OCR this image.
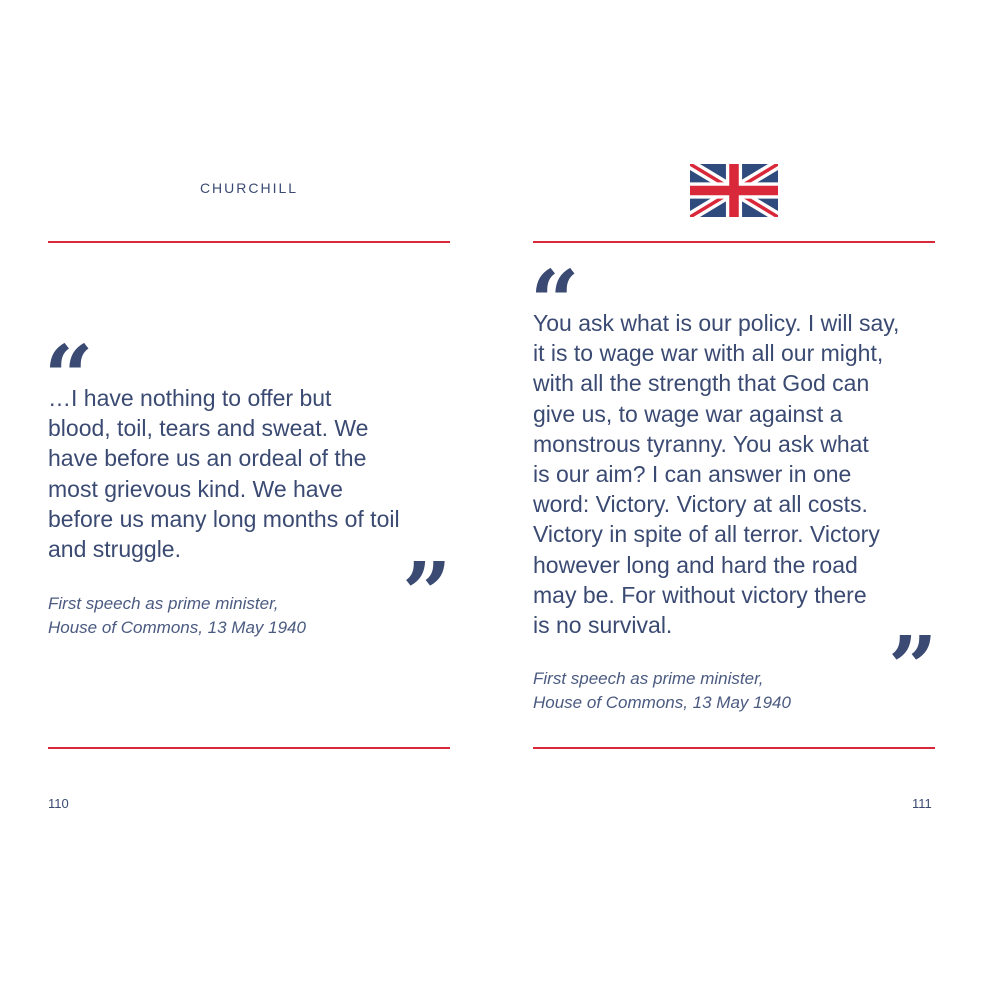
CHURCHILL
“
…I have nothing to offer but
blood, toil, tears and sweat. We
have before us an ordeal of the
most grievous kind. We have
before us many long months of toil
and struggle.	”
First speech as prime minister,
House of Commons, 13 May 1940
110
“
You ask what is our policy. I will say,
it is to wage war with all our might,
with all the strength that God can
give us, to wage war against a
monstrous tyranny. You ask what
is our aim? I can answer in one
word: Victory. Victory at all costs.
Victory in spite of all terror. Victory
however long and hard the road
may be. For without victory there
is no survival.	”
First speech as prime minister,
House of Commons, 13 May 1940
111
